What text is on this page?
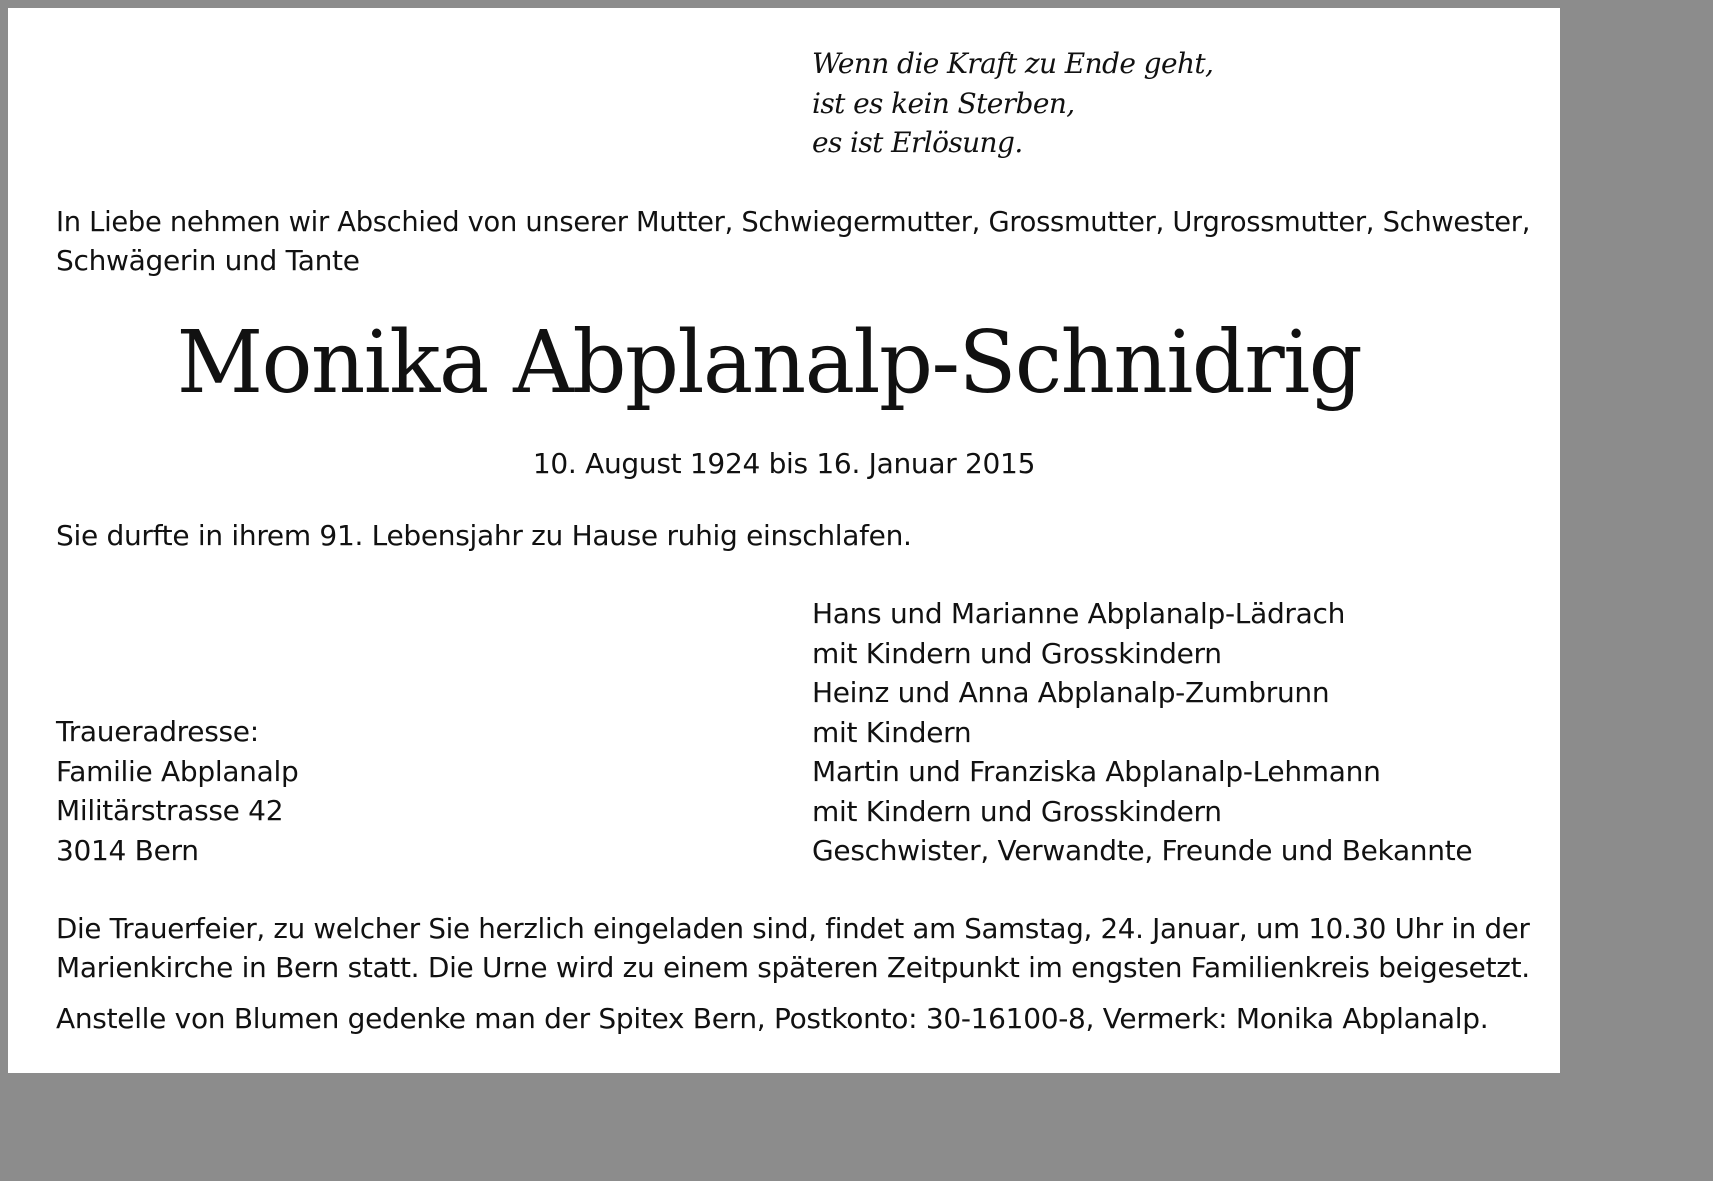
Wenn die Kraft zu Ende geht,
ist es kein Sterben,
es ist Erlösung.
In Liebe nehmen wir Abschied von unserer Mutter, Schwiegermutter, Grossmutter, Urgrossmutter, Schwester,
Schwägerin und Tante
Monika Abplanalp-Schnidrig
10. August 1924 bis 16. Januar 2015
Sie durfte in ihrem 91. Lebensjahr zu Hause ruhig einschlafen.
Hans und Marianne Abplanalp-Lädrach
mit Kindern und Grosskindern
Heinz und Anna Abplanalp-Zumbrunn
mit Kindern
Martin und Franziska Abplanalp-Lehmann
mit Kindern und Grosskindern
Geschwister, Verwandte, Freunde und Bekannte
Traueradresse:
Familie Abplanalp
Militärstrasse 42
3014 Bern
Die Trauerfeier, zu welcher Sie herzlich eingeladen sind, findet am Samstag, 24. Januar, um 10.30 Uhr in der
Marienkirche in Bern statt. Die Urne wird zu einem späteren Zeitpunkt im engsten Familienkreis beigesetzt.
Anstelle von Blumen gedenke man der Spitex Bern, Postkonto: 30-16100-8, Vermerk: Monika Abplanalp.
